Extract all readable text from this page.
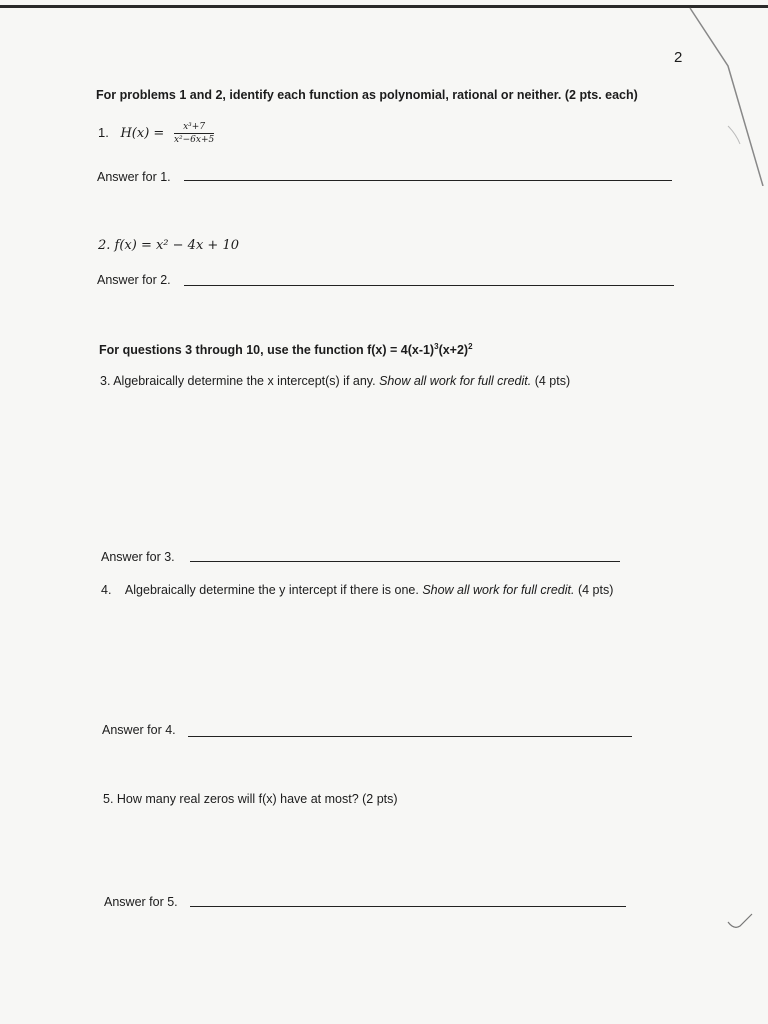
2
For problems 1 and 2, identify each function as polynomial, rational or neither. (2 pts. each)
1. $H(x) = \frac{\text{x³+7}}{\text{x²−6x+5}}$
Answer for 1.
2. f(x) = x² − 4x + 10
Answer for 2.
For questions 3 through 10, use the function $f(x) = 4(x-1)^3(x+2)^2$
3. Algebraically determine the x intercept(s) if any. Show all work for full credit. (4 pts)
Answer for 3.
4. Algebraically determine the y intercept if there is one. Show all work for full credit. (4 pts)
Answer for 4.
5. How many real zeros will f(x) have at most? (2 pts)
Answer for 5.
